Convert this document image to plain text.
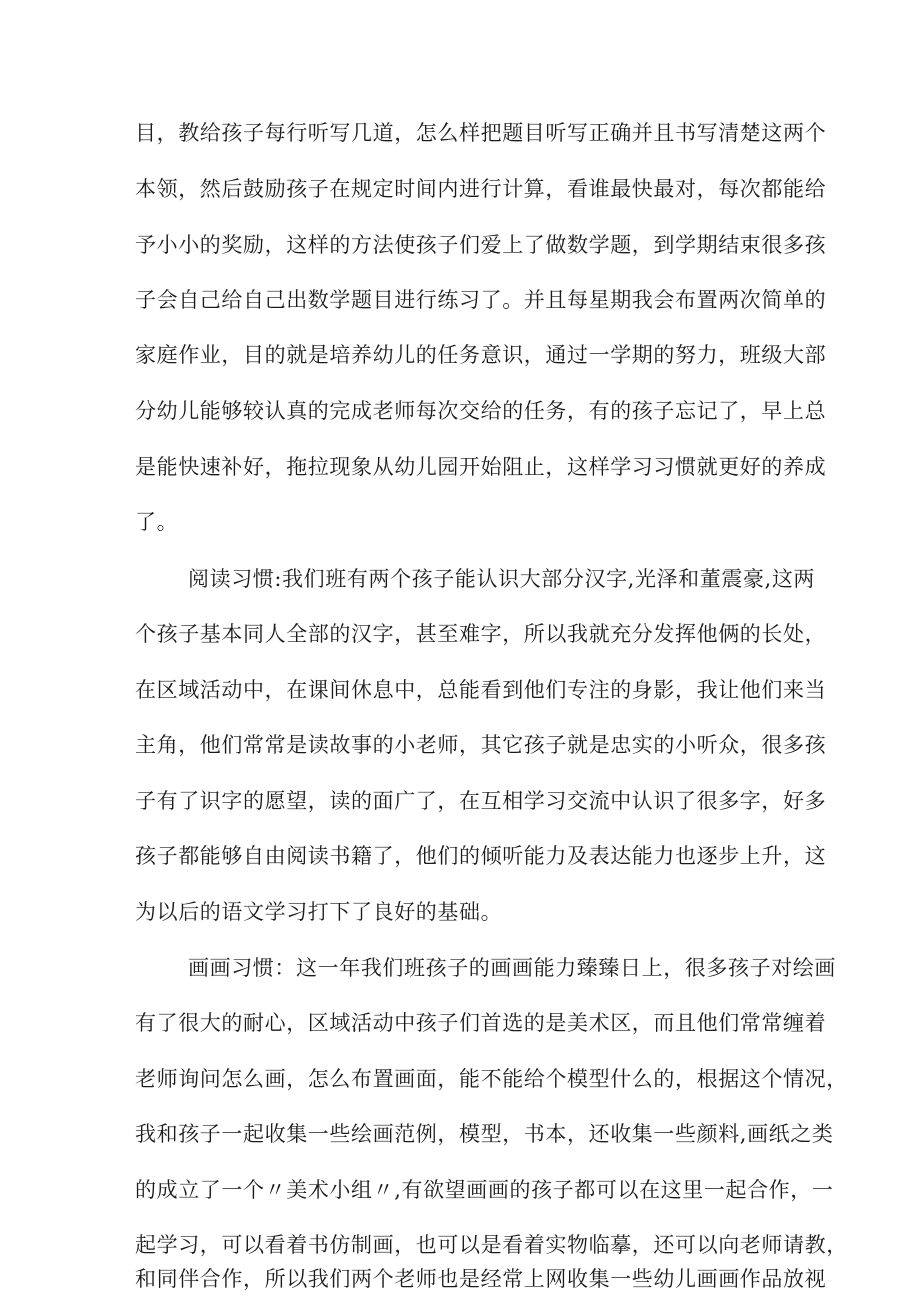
目，教给孩子每行听写几道，怎么样把题目听写正确并且书写清楚这两个

本领，然后鼓励孩子在规定时间内进行计算，看谁最快最对，每次都能给

予小小的奖励，这样的方法使孩子们爱上了做数学题，到学期结束很多孩

子会自己给自己出数学题目进行练习了。并且每星期我会布置两次简单的

家庭作业，目的就是培养幼儿的任务意识，通过一学期的努力，班级大部

分幼儿能够较认真的完成老师每次交给的任务，有的孩子忘记了，早上总

是能快速补好，拖拉现象从幼儿园开始阻止，这样学习习惯就更好的养成

了。

阅读习惯:我们班有两个孩子能认识大部分汉字,光泽和董震豪,这两

个孩子基本同人全部的汉字，甚至难字，所以我就充分发挥他俩的长处，

在区域活动中，在课间休息中，总能看到他们专注的身影，我让他们来当

主角，他们常常是读故事的小老师，其它孩子就是忠实的小听众，很多孩

子有了识字的愿望，读的面广了，在互相学习交流中认识了很多字，好多

孩子都能够自由阅读书籍了，他们的倾听能力及表达能力也逐步上升，这

为以后的语文学习打下了良好的基础。

画画习惯：这一年我们班孩子的画画能力臻臻日上，很多孩子对绘画

有了很大的耐心，区域活动中孩子们首选的是美术区，而且他们常常缠着

老师询问怎么画，怎么布置画面，能不能给个模型什么的，根据这个情况，

我和孩子一起收集一些绘画范例，模型，书本，还收集一些颜料,画纸之类

的成立了一个〃美术小组〃,有欲望画画的孩子都可以在这里一起合作，一

起学习，可以看着书仿制画，也可以是看着实物临摹，还可以向老师请教，

和同伴合作，所以我们两个老师也是经常上网收集一些幼儿画画作品放视
